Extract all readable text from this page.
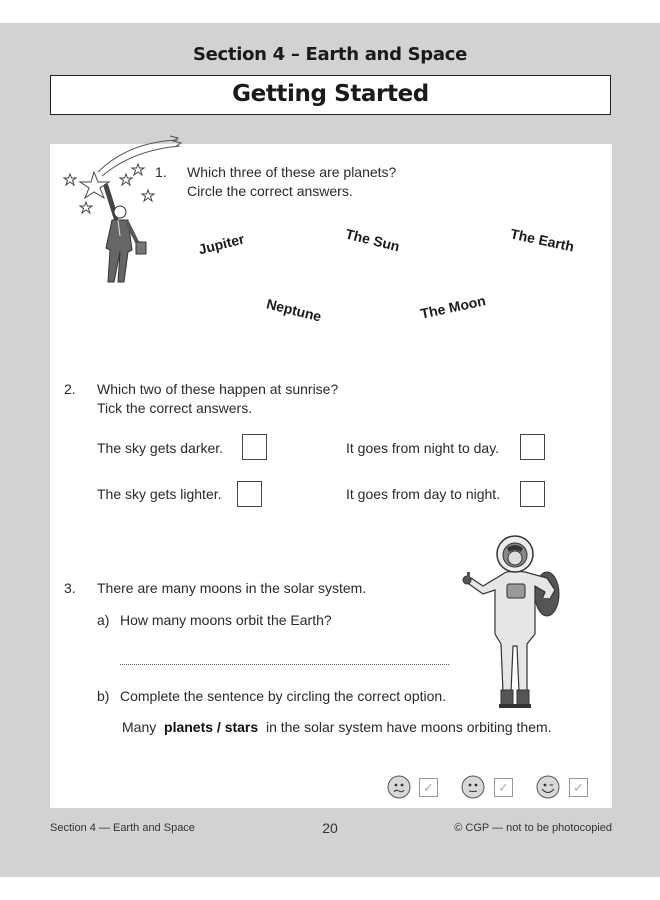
Section 4 – Earth and Space
Getting Started
1. Which three of these are planets?
Circle the correct answers.
Jupiter	The Sun	The Earth
Neptune	The Moon
2. Which two of these happen at sunrise?
Tick the correct answers.
The sky gets darker.	It goes from night to day.
The sky gets lighter.	It goes from day to night.
3. There are many moons in the solar system.
a) How many moons orbit the Earth?
b) Complete the sentence by circling the correct option.
Many planets / stars in the solar system have moons orbiting them.
✓	✓	✓
Section 4 — Earth and Space	20	© CGP — not to be photocopied
